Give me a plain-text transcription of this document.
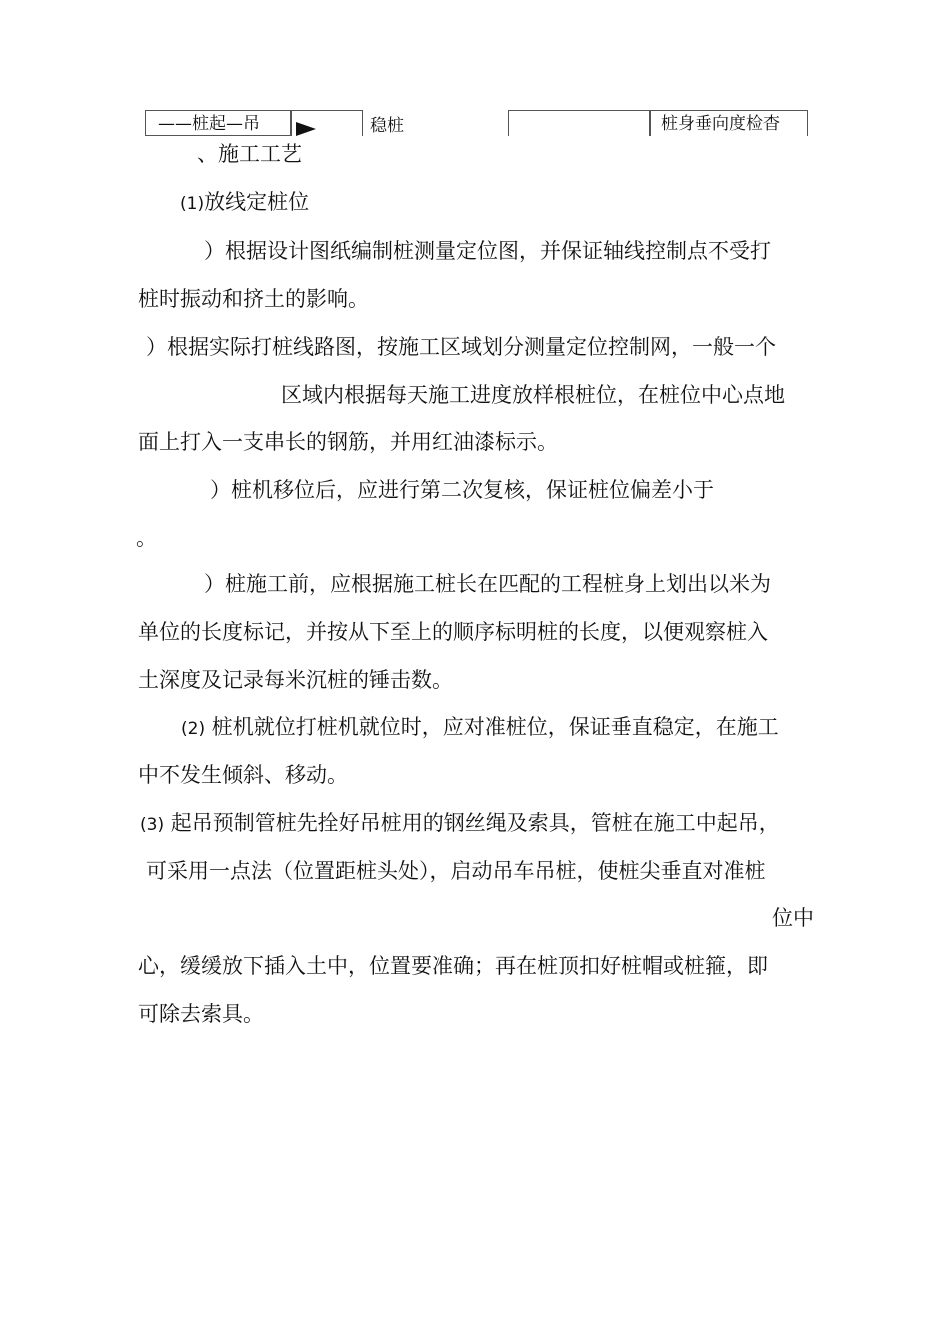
——桩起—吊	稳桩	桩身垂向度检杳
、施工工艺
(1)放线定桩位
）根据设计图纸编制桩测量定位图，并保证轴线控制点不受打
桩时振动和挤土的影响。
）根据实际打桩线路图，按施工区域划分测量定位控制网，一般一个
区域内根据每天施工进度放样根桩位，在桩位中心点地
面上打入一支串长的钢筋，并用红油漆标示。
）桩机移位后，应进行第二次复核，保证桩位偏差小于
。
）桩施工前，应根据施工桩长在匹配的工程桩身上划出以米为
单位的长度标记，并按从下至上的顺序标明桩的长度，以便观察桩入
土深度及记录每米沉桩的锤击数。
(2) 桩机就位打桩机就位时，应对准桩位，保证垂直稳定，在施工
中不发生倾斜、移动。
(3) 起吊预制管桩先拴好吊桩用的钢丝绳及索具，管桩在施工中起吊，
可采用一点法（位置距桩头处），启动吊车吊桩，使桩尖垂直对准桩
位中
心，缓缓放下插入土中，位置要准确；再在桩顶扣好桩帽或桩箍，即
可除去索具。
